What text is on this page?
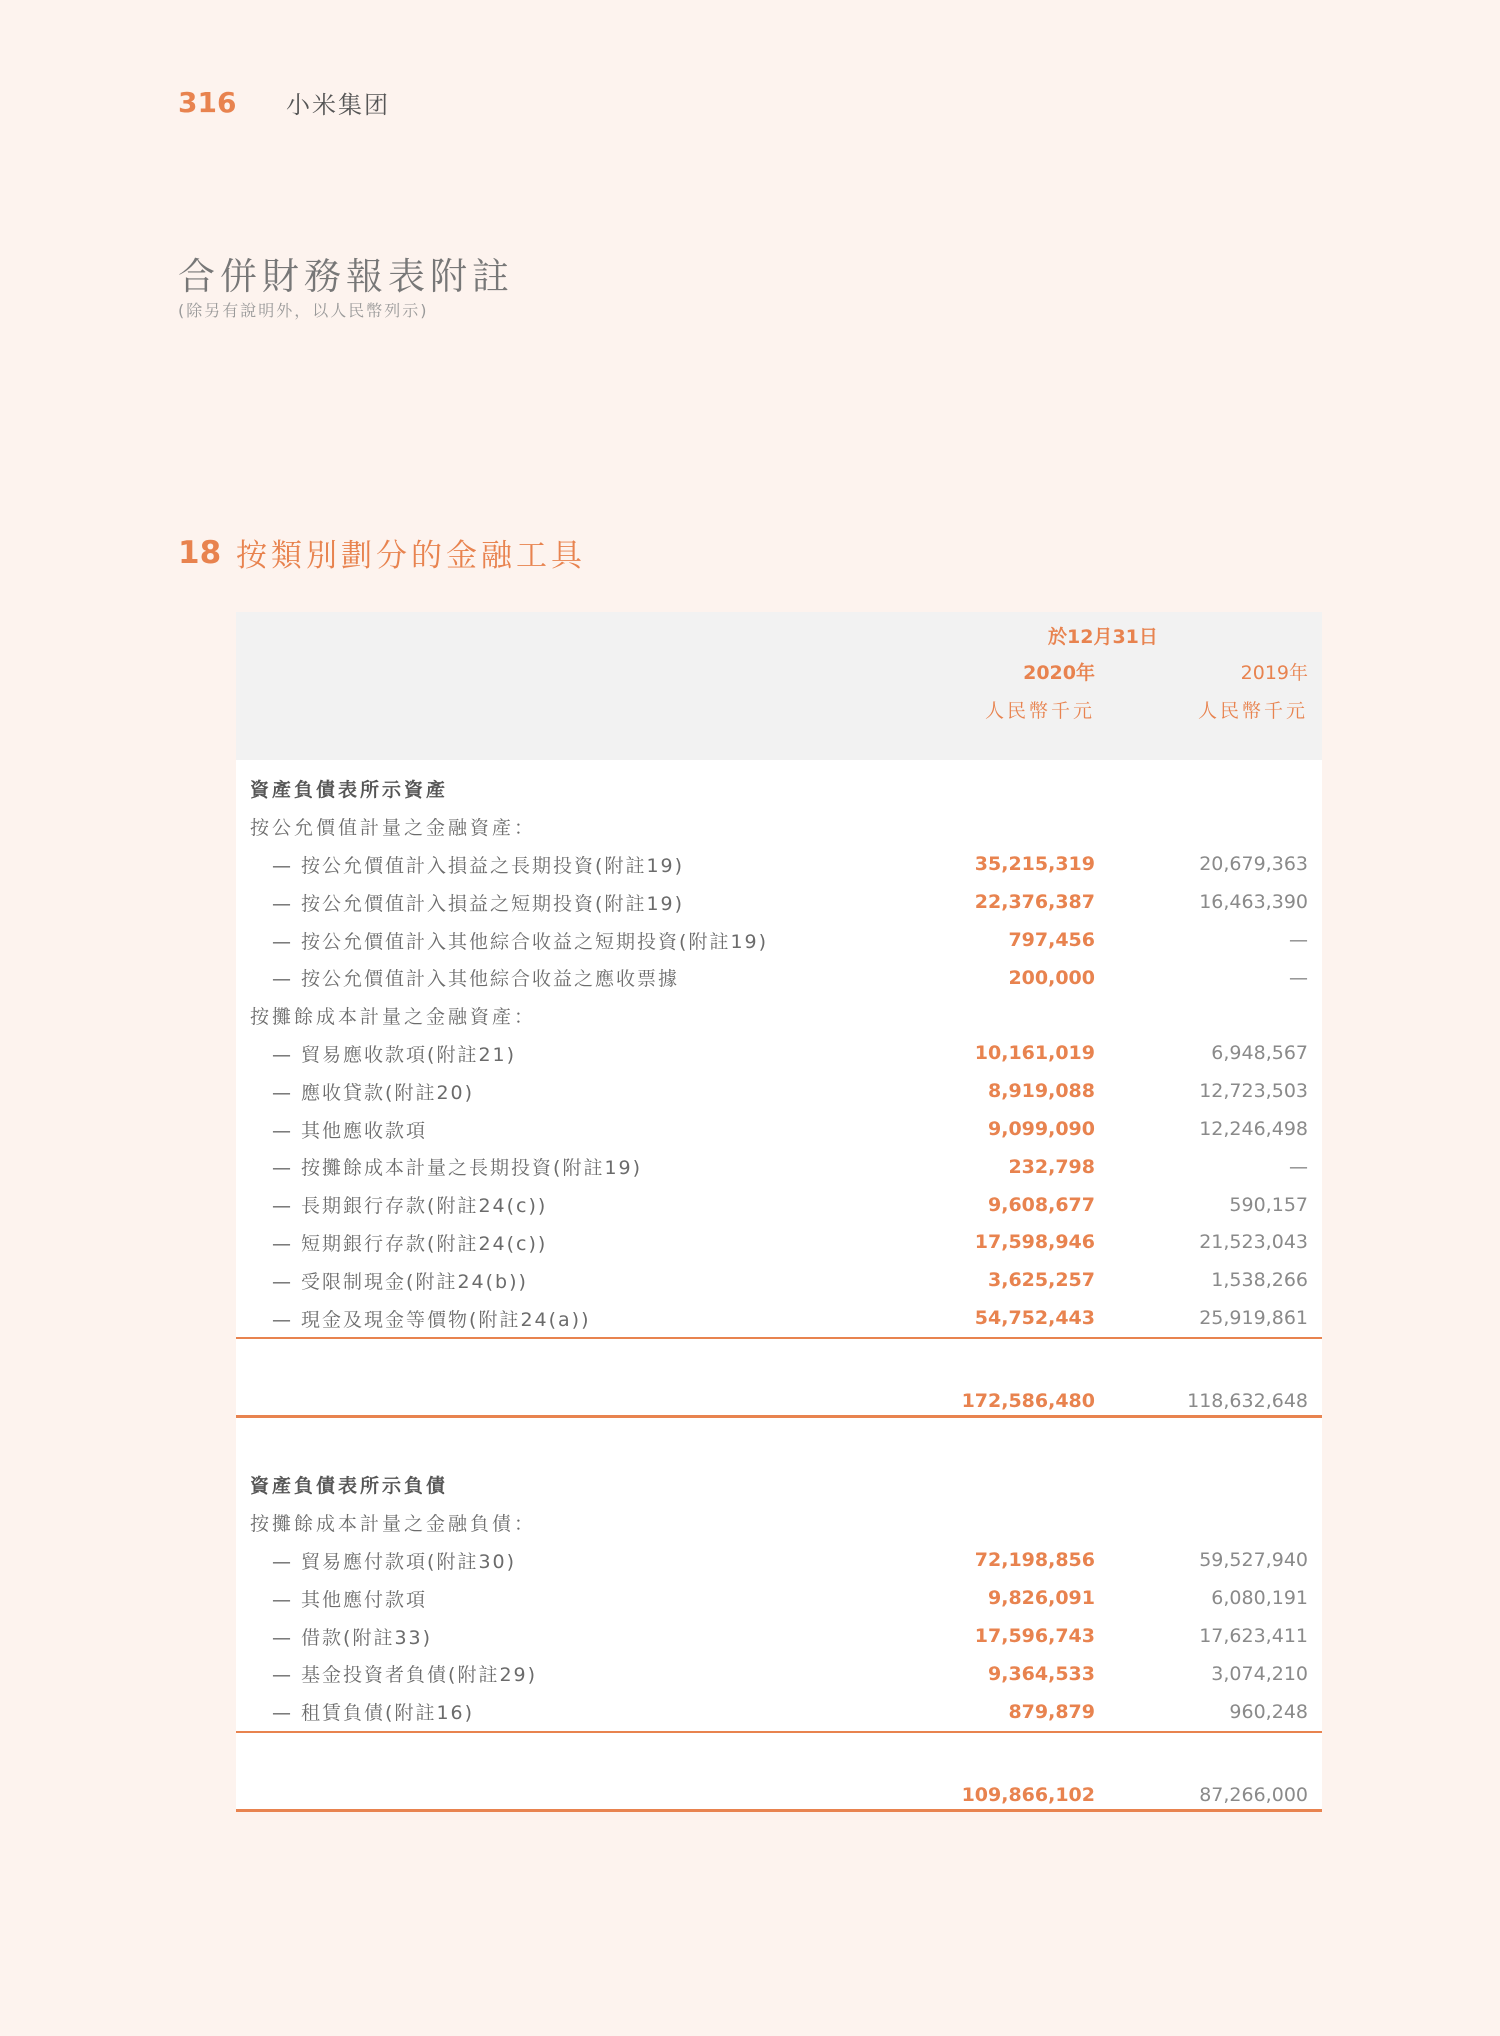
316	小米集团
合併財務報表附註
(除另有說明外，以人民幣列示)
18 按類別劃分的金融工具
於12月31日
2020年	2019年
人民幣千元	人民幣千元
資產負債表所示資產
按公允價值計量之金融資產：
— 按公允價值計入損益之長期投資(附註19)	35,215,319	20,679,363
— 按公允價值計入損益之短期投資(附註19)	22,376,387	16,463,390
— 按公允價值計入其他綜合收益之短期投資(附註19)	797,456	—
— 按公允價值計入其他綜合收益之應收票據	200,000	—
按攤餘成本計量之金融資產：
— 貿易應收款項(附註21)	10,161,019	6,948,567
— 應收貸款(附註20)	8,919,088	12,723,503
— 其他應收款項	9,099,090	12,246,498
— 按攤餘成本計量之長期投資(附註19)	232,798	—
— 長期銀行存款(附註24(c))	9,608,677	590,157
— 短期銀行存款(附註24(c))	17,598,946	21,523,043
— 受限制現金(附註24(b))	3,625,257	1,538,266
— 現金及現金等價物(附註24(a))	54,752,443	25,919,861
172,586,480	118,632,648
資產負債表所示負債
按攤餘成本計量之金融負債：
— 貿易應付款項(附註30)	72,198,856	59,527,940
— 其他應付款項	9,826,091	6,080,191
— 借款(附註33)	17,596,743	17,623,411
— 基金投資者負債(附註29)	9,364,533	3,074,210
— 租賃負債(附註16)	879,879	960,248
109,866,102	87,266,000
